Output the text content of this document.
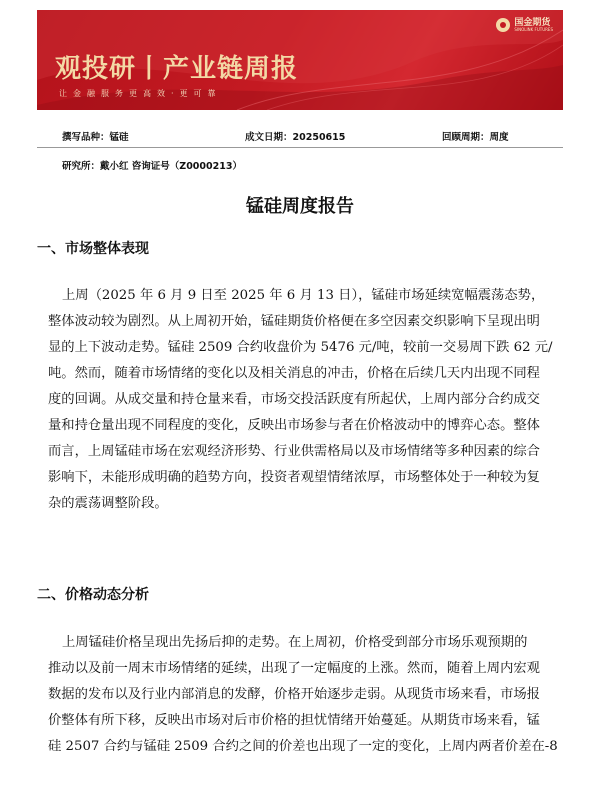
国金期货
SINOLINK FUTURES
观投研丨产业链周报
让金融服务更高效·更可靠
撰写品种：锰硅	成文日期：20250615	回顾周期：周度
研究所：戴小红 咨询证号（Z0000213）
锰硅周度报告
一、市场整体表现
上周（2025 年 6 月 9 日至 2025 年 6 月 13 日），锰硅市场延续宽幅震荡态势，
整体波动较为剧烈。从上周初开始，锰硅期货价格便在多空因素交织影响下呈现出明
显的上下波动走势。锰硅 2509 合约收盘价为 5476 元/吨，较前一交易周下跌 62 元/
吨。然而，随着市场情绪的变化以及相关消息的冲击，价格在后续几天内出现不同程
度的回调。从成交量和持仓量来看，市场交投活跃度有所起伏，上周内部分合约成交
量和持仓量出现不同程度的变化，反映出市场参与者在价格波动中的博弈心态。整体
而言，上周锰硅市场在宏观经济形势、行业供需格局以及市场情绪等多种因素的综合
影响下，未能形成明确的趋势方向，投资者观望情绪浓厚，市场整体处于一种较为复
杂的震荡调整阶段。
二、价格动态分析
上周锰硅价格呈现出先扬后抑的走势。在上周初，价格受到部分市场乐观预期的
推动以及前一周末市场情绪的延续，出现了一定幅度的上涨。然而，随着上周内宏观
数据的发布以及行业内部消息的发酵，价格开始逐步走弱。从现货市场来看，市场报
价整体有所下移，反映出市场对后市价格的担忧情绪开始蔓延。从期货市场来看，锰
硅 2507 合约与锰硅 2509 合约之间的价差也出现了一定的变化，上周内两者价差在-8
